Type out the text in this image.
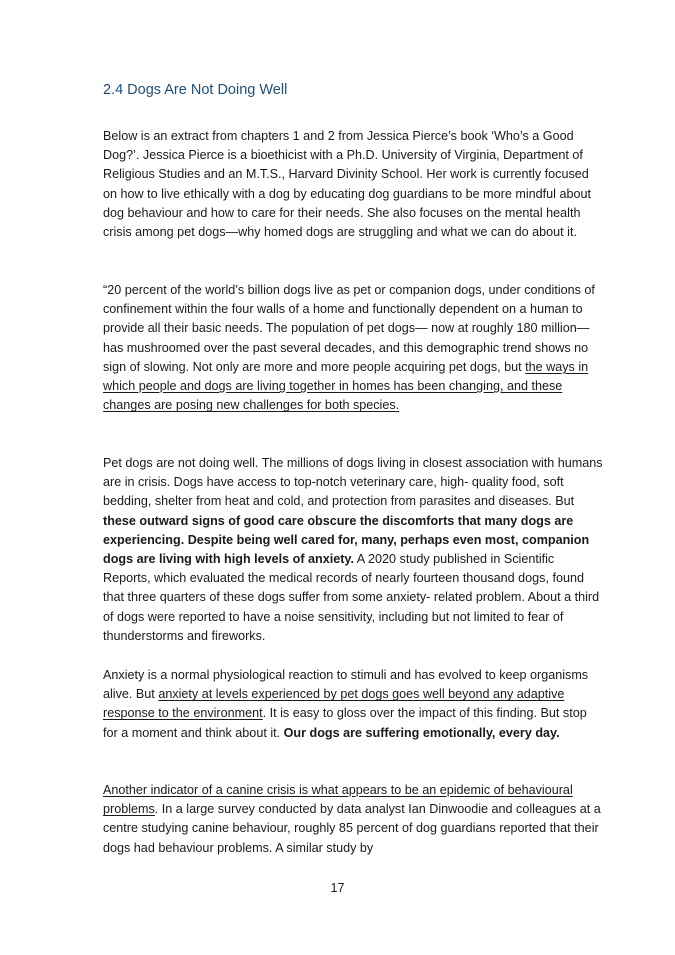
2.4 Dogs Are Not Doing Well

Below is an extract from chapters 1 and 2 from Jessica Pierce’s book ‘Who’s a Good Dog?’. Jessica Pierce is a bioethicist with a Ph.D. University of Virginia, Department of Religious Studies and an M.T.S., Harvard Divinity School. Her work is currently focused on how to live ethically with a dog by educating dog guardians to be more mindful about dog behaviour and how to care for their needs. She also focuses on the mental health crisis among pet dogs—why homed dogs are struggling and what we can do about it.

“20 percent of the world’s billion dogs live as pet or companion dogs, under conditions of confinement within the four walls of a home and functionally dependent on a human to provide all their basic needs. The population of pet dogs— now at roughly 180 million— has mushroomed over the past several decades, and this demographic trend shows no sign of slowing. Not only are more and more people acquiring pet dogs, but the ways in which people and dogs are living together in homes has been changing, and these changes are posing new challenges for both species.

Pet dogs are not doing well. The millions of dogs living in closest association with humans are in crisis. Dogs have access to top-notch veterinary care, high- quality food, soft bedding, shelter from heat and cold, and protection from parasites and diseases. But these outward signs of good care obscure the discomforts that many dogs are experiencing. Despite being well cared for, many, perhaps even most, companion dogs are living with high levels of anxiety. A 2020 study published in Scientific Reports, which evaluated the medical records of nearly fourteen thousand dogs, found that three quarters of these dogs suffer from some anxiety- related problem. About a third of dogs were reported to have a noise sensitivity, including but not limited to fear of thunderstorms and fireworks.

Anxiety is a normal physiological reaction to stimuli and has evolved to keep organisms alive. But anxiety at levels experienced by pet dogs goes well beyond any adaptive response to the environment. It is easy to gloss over the impact of this finding. But stop for a moment and think about it. Our dogs are suffering emotionally, every day.

Another indicator of a canine crisis is what appears to be an epidemic of behavioural problems. In a large survey conducted by data analyst Ian Dinwoodie and colleagues at a centre studying canine behaviour, roughly 85 percent of dog guardians reported that their dogs had behaviour problems. A similar study by

17
